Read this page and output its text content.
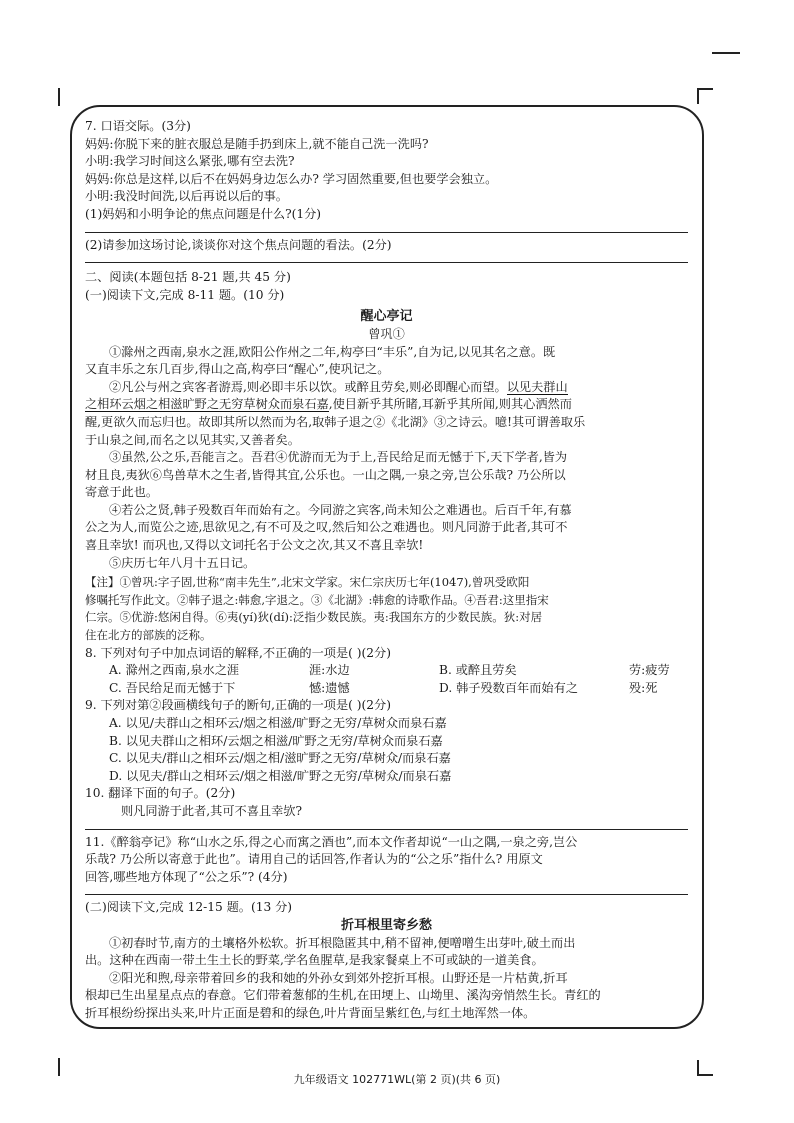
7. 口语交际。(3分)
妈妈:你脱下来的脏衣服总是随手扔到床上,就不能自己洗一洗吗?
小明:我学习时间这么紧张,哪有空去洗?
妈妈:你总是这样,以后不在妈妈身边怎么办? 学习固然重要,但也要学会独立。
小明:我没时间洗,以后再说以后的事。
(1)妈妈和小明争论的焦点问题是什么?(1分)
(2)请参加这场讨论,谈谈你对这个焦点问题的看法。(2分)
二、阅读(本题包括 8-21 题,共 45 分)
(一)阅读下文,完成 8-11 题。(10 分)
醒心亭记
曾巩①
①滁州之西南,泉水之涯,欧阳公作州之二年,构亭曰“丰乐”,自为记,以见其名之意。既
又直丰乐之东几百步,得山之高,构亭曰“醒心”,使巩记之。
②凡公与州之宾客者游焉,则必即丰乐以饮。或醉且劳矣,则必即醒心而望。以见夫群山
之相环云烟之相滋旷野之无穷草树众而泉石嘉,使目新乎其所睹,耳新乎其所闻,则其心洒然而
醒,更欲久而忘归也。故即其所以然而为名,取韩子退之②《北湖》③之诗云。噫!其可谓善取乐
于山泉之间,而名之以见其实,又善者矣。
③虽然,公之乐,吾能言之。吾君④优游而无为于上,吾民给足而无憾于下,天下学者,皆为
材且良,夷狄⑥鸟兽草木之生者,皆得其宜,公乐也。一山之隅,一泉之旁,岂公乐哉? 乃公所以
寄意于此也。
④若公之贤,韩子殁数百年而始有之。今同游之宾客,尚未知公之难遇也。后百千年,有慕
公之为人,而览公之迹,思欲见之,有不可及之叹,然后知公之难遇也。则凡同游于此者,其可不
喜且幸欤! 而巩也,又得以文词托名于公文之次,其又不喜且幸欤!
⑤庆历七年八月十五日记。
【注】①曾巩:字子固,世称“南丰先生”,北宋文学家。宋仁宗庆历七年(1047),曾巩受欧阳
修嘱托写作此文。②韩子退之:韩愈,字退之。③《北湖》:韩愈的诗歌作品。④吾君:这里指宋
仁宗。⑤优游:悠闲自得。⑥夷(yí)狄(dí):泛指少数民族。夷:我国东方的少数民族。狄:对居
住在北方的部族的泛称。
8. 下列对句子中加点词语的解释,不正确的一项是( )(2分)
A. 滁州之西南,泉水之涯	涯:水边	B. 或醉且劳矣	劳:疲劳
C. 吾民给足而无憾于下	憾:遗憾	D. 韩子殁数百年而始有之	殁:死
9. 下列对第②段画横线句子的断句,正确的一项是( )(2分)
A. 以见/夫群山之相环云/烟之相滋/旷野之无穷/草树众而泉石嘉
B. 以见夫群山之相环/云烟之相滋/旷野之无穷/草树众而泉石嘉
C. 以见夫/群山之相环云/烟之相/滋旷野之无穷/草树众/而泉石嘉
D. 以见夫/群山之相环云/烟之相滋/旷野之无穷/草树众/而泉石嘉
10. 翻译下面的句子。(2分)
则凡同游于此者,其可不喜且幸欤?
11.《醉翁亭记》称“山水之乐,得之心而寓之酒也”,而本文作者却说“一山之隅,一泉之旁,岂公
乐哉? 乃公所以寄意于此也”。请用自己的话回答,作者认为的“公之乐”指什么? 用原文
回答,哪些地方体现了“公之乐”? (4分)
(二)阅读下文,完成 12-15 题。(13 分)
折耳根里寄乡愁
①初春时节,南方的土壤格外松软。折耳根隐匿其中,稍不留神,便噌噌生出芽叶,破土而出
出。这种在西南一带土生土长的野菜,学名鱼腥草,是我家餐桌上不可或缺的一道美食。
②阳光和煦,母亲带着回乡的我和她的外孙女到郊外挖折耳根。山野还是一片枯黄,折耳
根却已生出星星点点的春意。它们带着葱郁的生机,在田埂上、山坳里、溪沟旁悄然生长。青红的
折耳根纷纷探出头来,叶片正面是碧和的绿色,叶片背面呈紫红色,与红土地浑然一体。
九年级语文 102771WL(第 2 页)(共 6 页)
